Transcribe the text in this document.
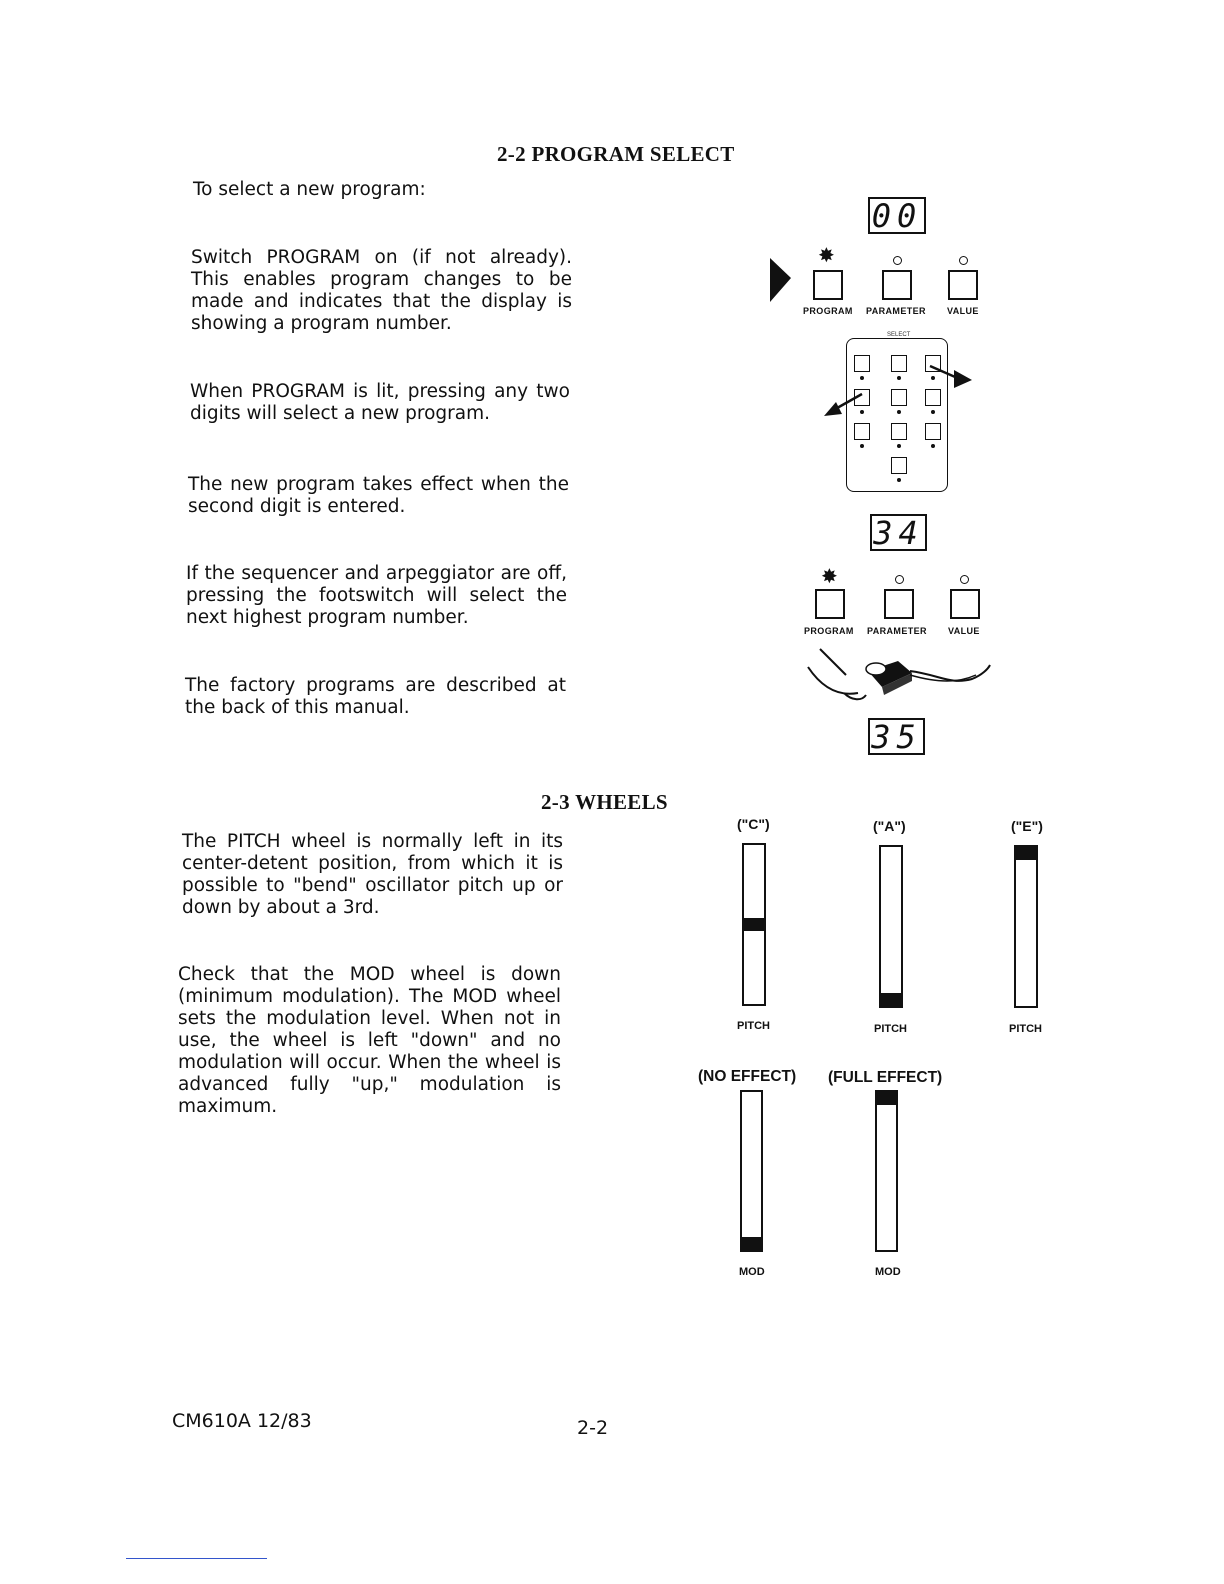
2-2 PROGRAM SELECT
To select a new program:
Switch PROGRAM on (if not already). This enables program changes to be made and indicates that the display is showing a program number.
When PROGRAM is lit, pressing any two digits will select a new program.
The new program takes effect when the second digit is entered.
If the sequencer and arpeggiator are off, pressing the footswitch will select the next highest program number.
The factory programs are described at the back of this manual.
00
✸
PROGRAM PARAMETER VALUE
SELECT
34
✸
PROGRAM PARAMETER VALUE
35
2-3 WHEELS
The PITCH wheel is normally left in its center-detent position, from which it is possible to "bend" oscillator pitch up or down by about a 3rd.
Check that the MOD wheel is down (minimum modulation). The MOD wheel sets the modulation level. When not in use, the wheel is left "down" and no modulation will occur. When the wheel is advanced fully "up," modulation is maximum.
("C")	("A")	("E")
PITCH	PITCH	PITCH
(NO EFFECT) (FULL EFFECT)
MOD	MOD
CM610A 12/83	2-2
